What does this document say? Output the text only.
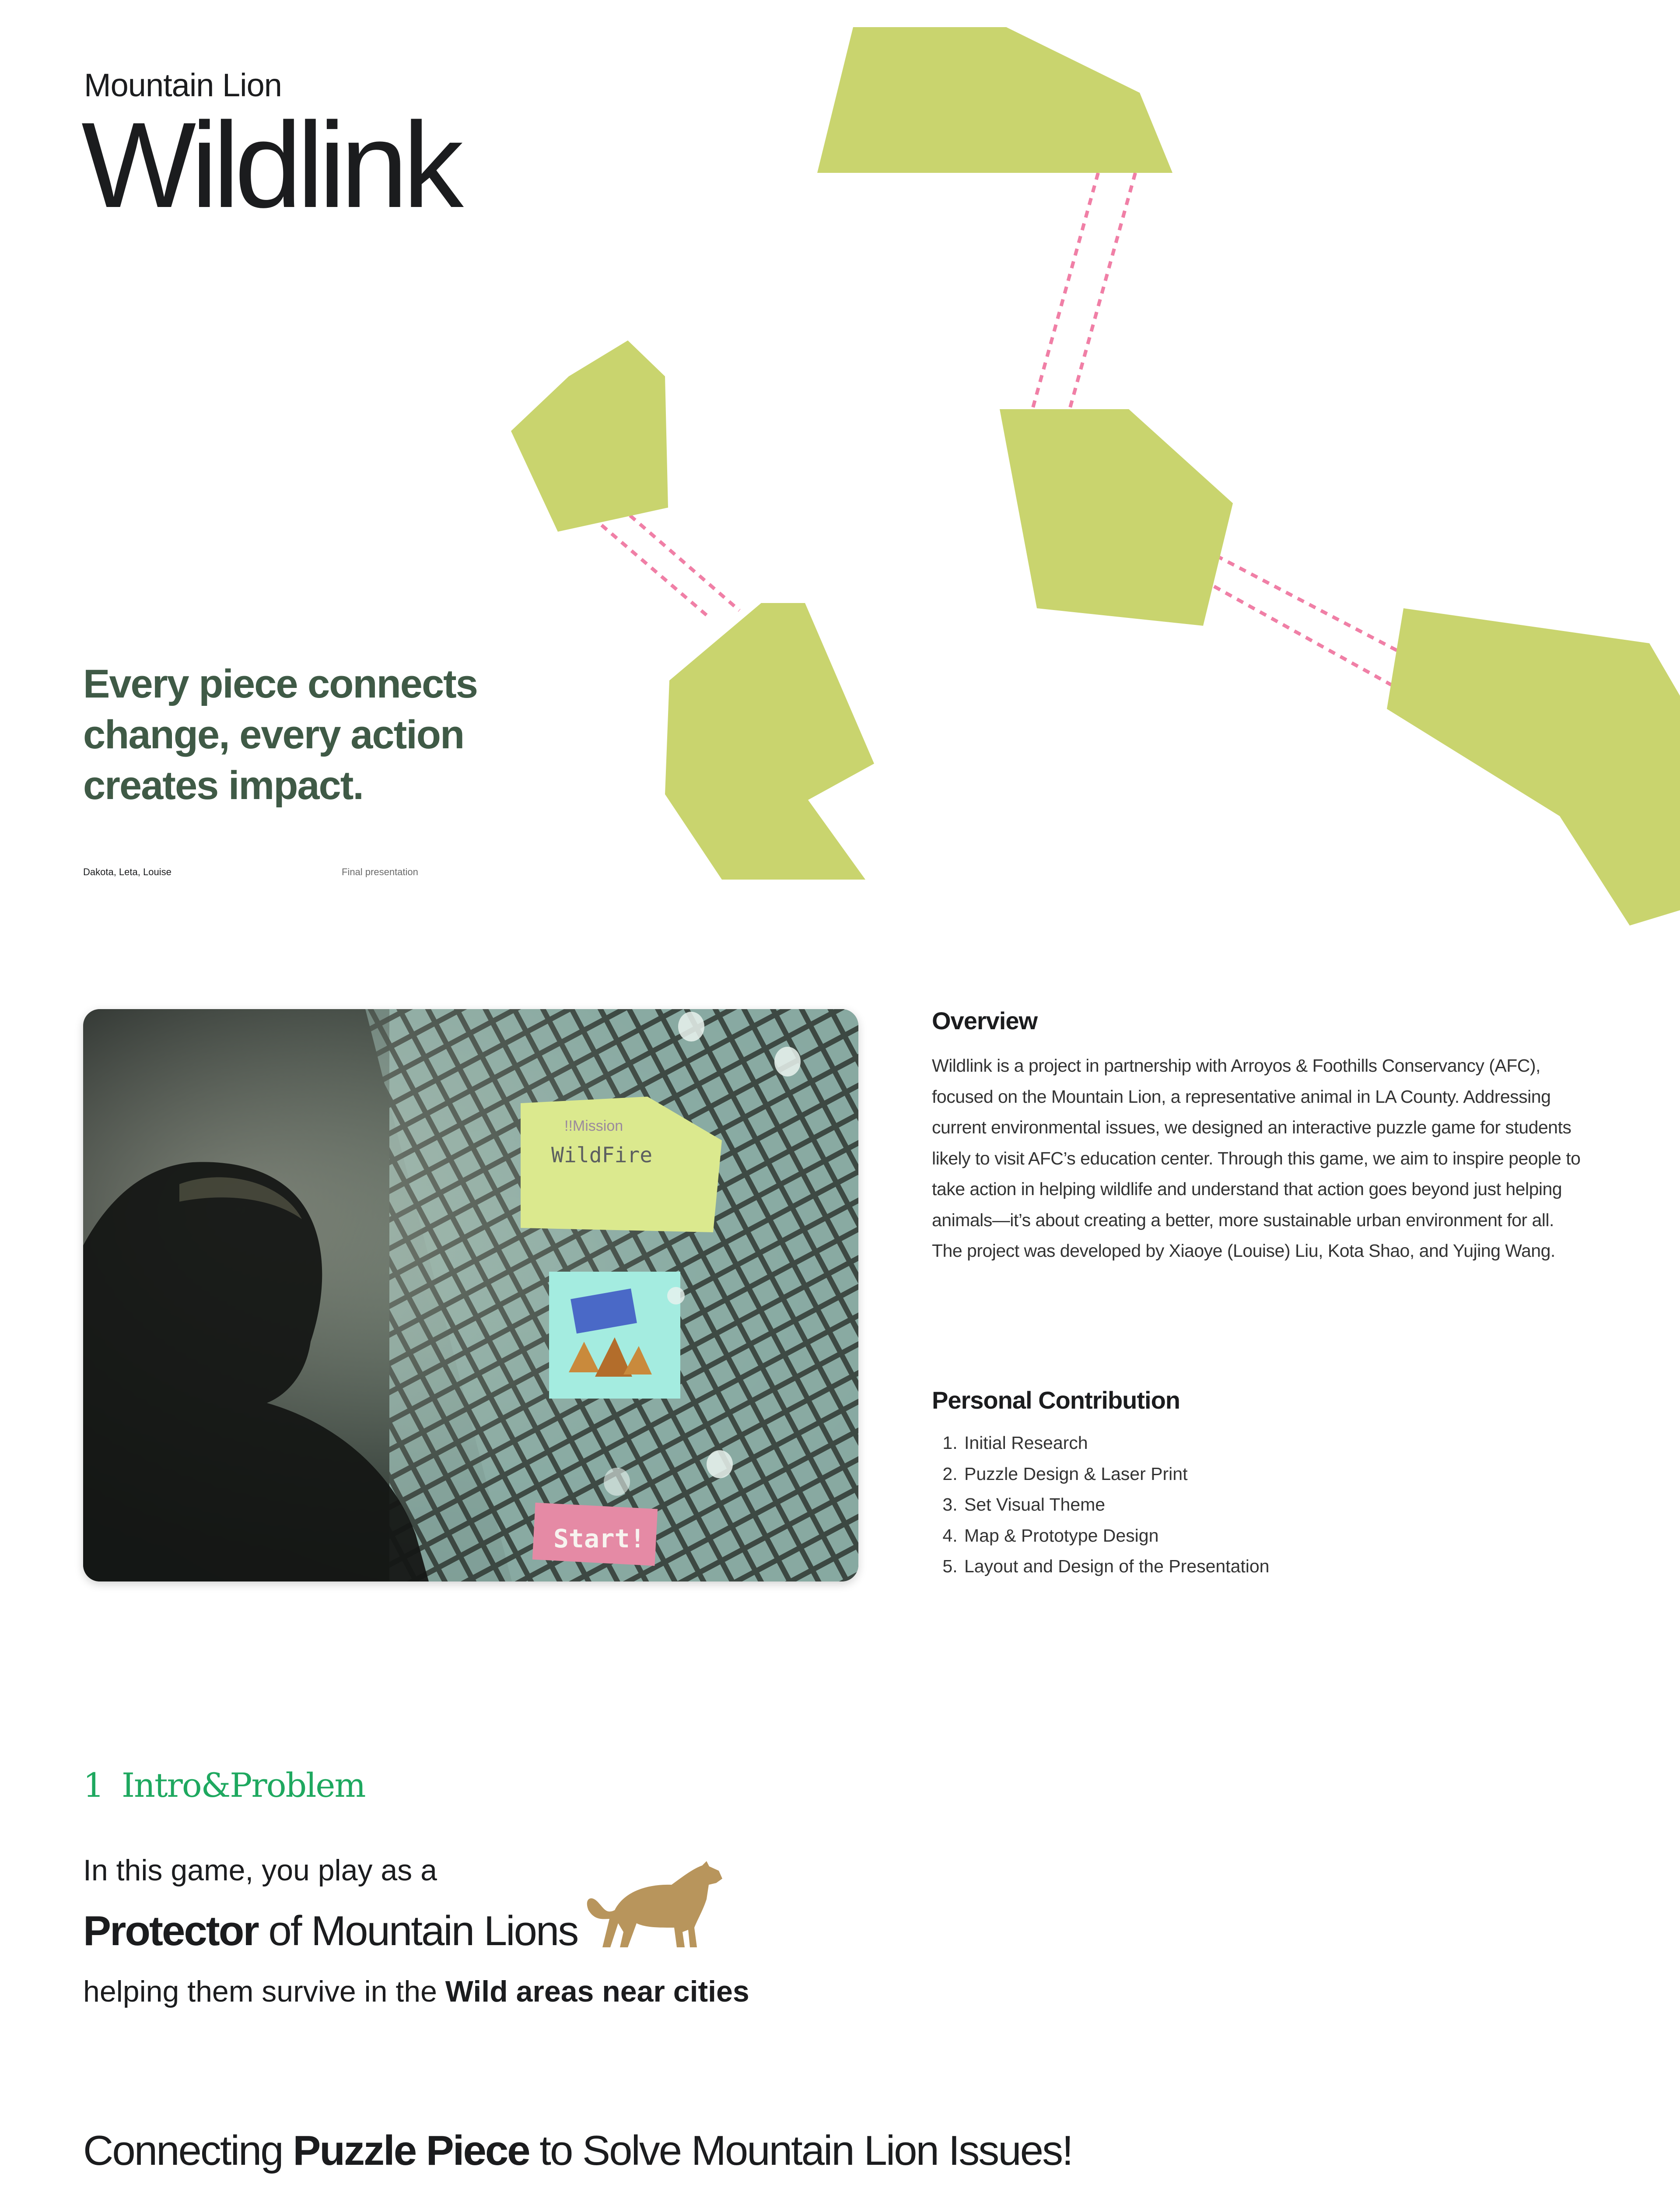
Mountain Lion
Wildlink
Every piece connects change, every action creates impact.
Dakota, Leta, Louise	Final presentation
!!Mission
WildFire
Start!
Overview
Wildlink is a project in partnership with Arroyos & Foothills Conservancy (AFC), focused on the Mountain Lion, a representative animal in LA County. Addressing current environmental issues, we designed an interactive puzzle game for students likely to visit AFC’s education center. Through this game, we aim to inspire people to take action in helping wildlife and understand that action goes beyond just helping animals—it’s about creating a better, more sustainable urban environment for all. The project was developed by Xiaoye (Louise) Liu, Kota Shao, and Yujing Wang.
Personal Contribution
1. Initial Research
2. Puzzle Design & Laser Print
3. Set Visual Theme
4. Map & Prototype Design
5. Layout and Design of the Presentation
1 Intro&Problem
In this game, you play as a
Protector of Mountain Lions
helping them survive in the Wild areas near cities
Connecting Puzzle Piece to Solve Mountain Lion Issues!
